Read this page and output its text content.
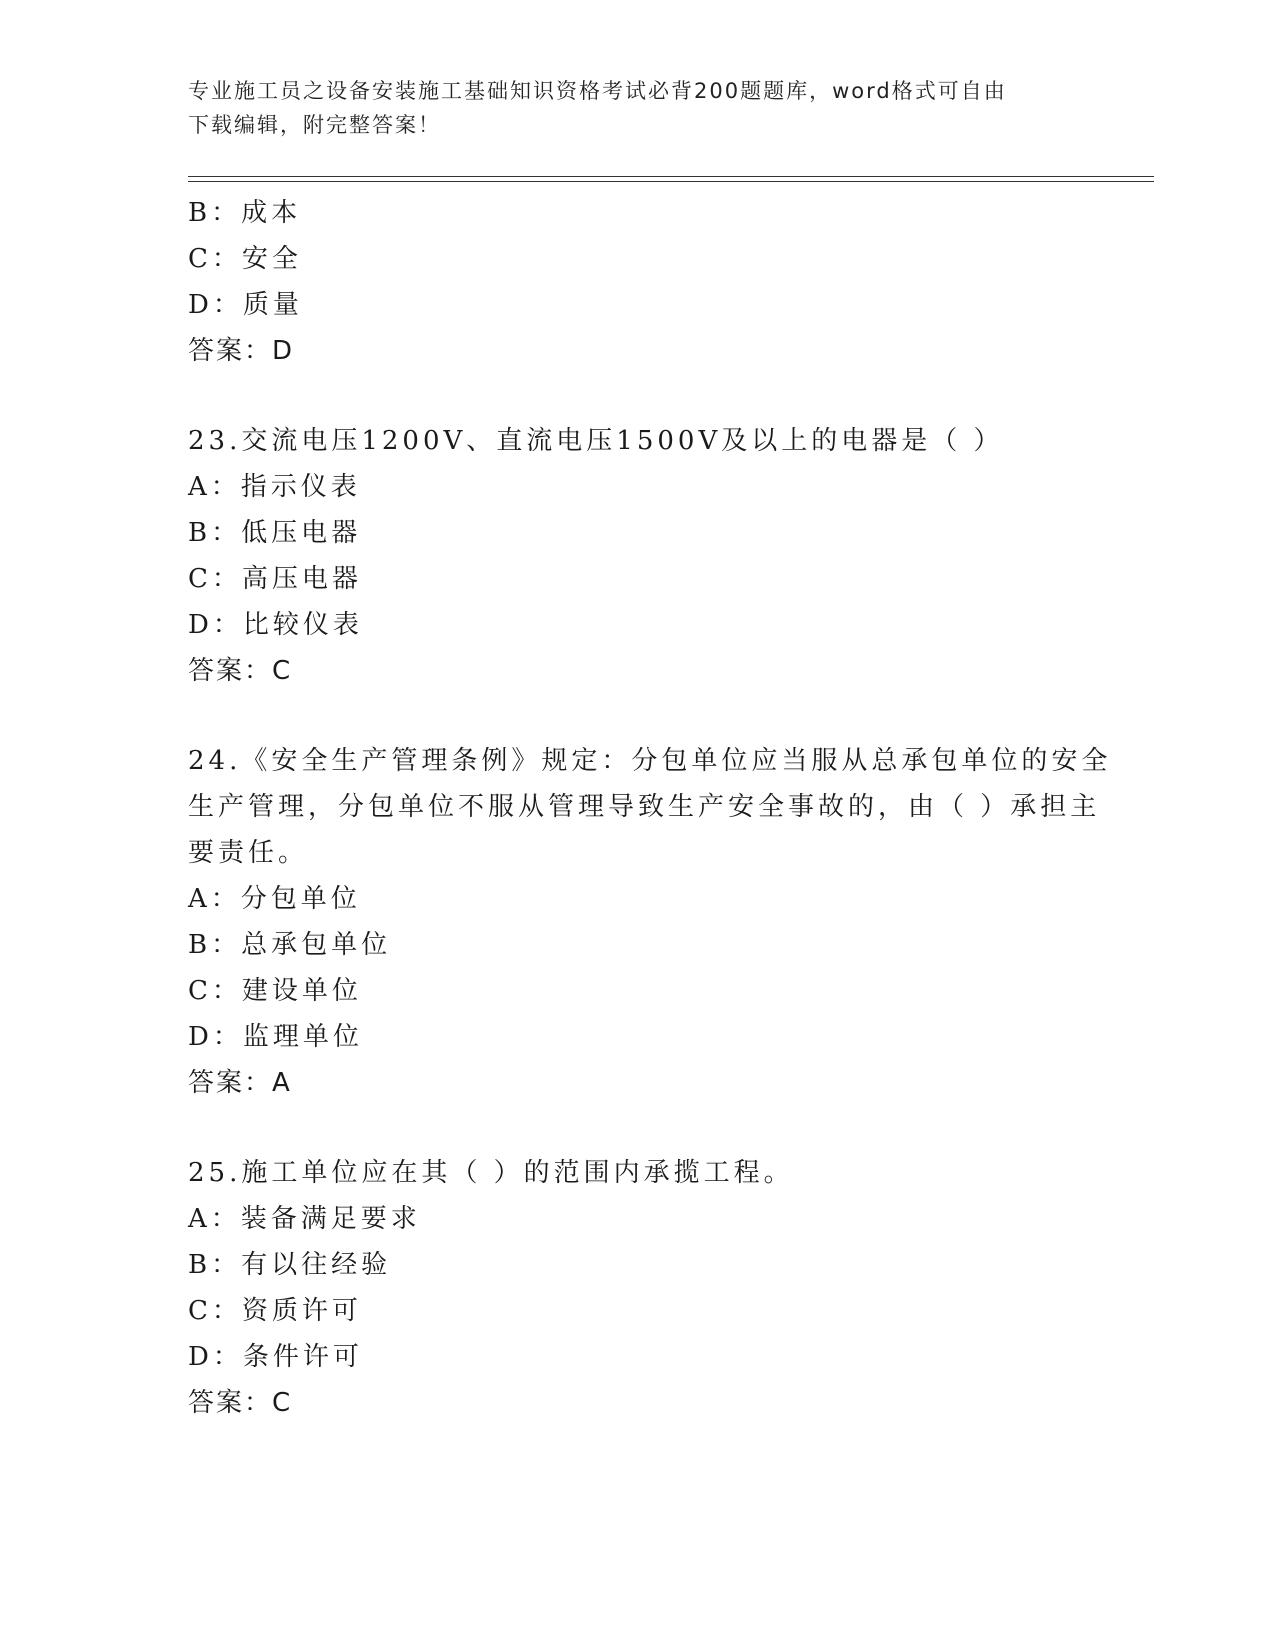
专业施工员之设备安装施工基础知识资格考试必背200题题库，word格式可自由
下载编辑，附完整答案！
B：成本
C：安全
D：质量
答案：D
23.交流电压1200V、直流电压1500V及以上的电器是（ ）
A：指示仪表
B：低压电器
C：高压电器
D：比较仪表
答案：C
24.《安全生产管理条例》规定：分包单位应当服从总承包单位的安全
生产管理，分包单位不服从管理导致生产安全事故的，由（ ）承担主
要责任。
A：分包单位
B：总承包单位
C：建设单位
D：监理单位
答案：A
25.施工单位应在其（ ）的范围内承揽工程。
A：装备满足要求
B：有以往经验
C：资质许可
D：条件许可
答案：C
